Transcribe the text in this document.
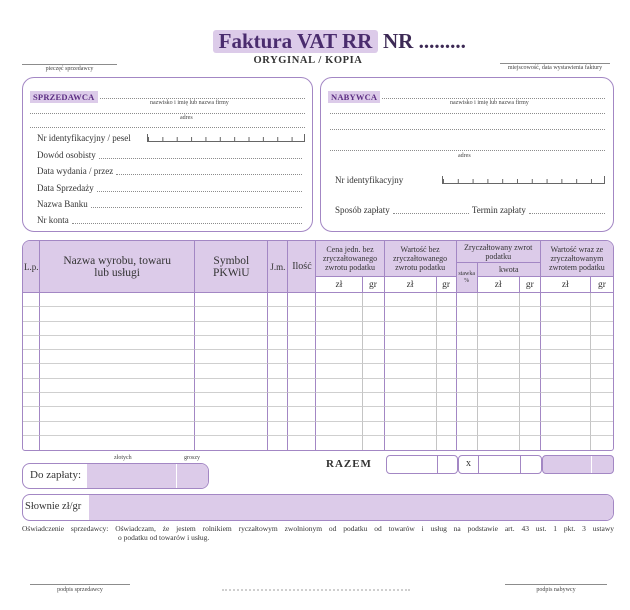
Faktura VAT RR NR .........
ORYGINAL / KOPIA
pieczęć sprzedawcy	miejscowość, data wystawienia faktury
SPRZEDAWCA
nazwisko i imię lub nazwa firmy
adres
Nr identyfikacyjny / pesel
Dowód osobisty
Data wydania / przez
Data Sprzedaży
Nazwa Banku
Nr konta
NABYWCA
nazwisko i imię lub nazwa firmy
adres
Nr identyfikacyjny
Sposób zapłaty	Termin zapłaty
L.p.	Nazwa wyrobu, towaru lub usługi	Symbol PKWiU	J.m.	Ilość	Cena jedn. bez zryczałtowanego zwrotu podatku		Wartość bez zryczałtowanego zwrotu podatku		Zryczałtowany zwrot podatku			Wartość wraz ze zryczałtowanym zwrotem podatku	
									stawka %	kwota			
					zł	gr	zł	gr		zł	gr	zł	gr

złotych	groszy
Do zapłaty:
RAZEM	x
Słownie zł/gr
Oświadczenie sprzedawcy: Oświadczam, że jestem rolnikiem ryczałtowym zwolnionym od podatku od towarów i usług na podstawie art. 43 ust. 1 pkt. 3 ustawy
o podatku od towarów i usług.
podpis sprzedawcy	podpis nabywcy
